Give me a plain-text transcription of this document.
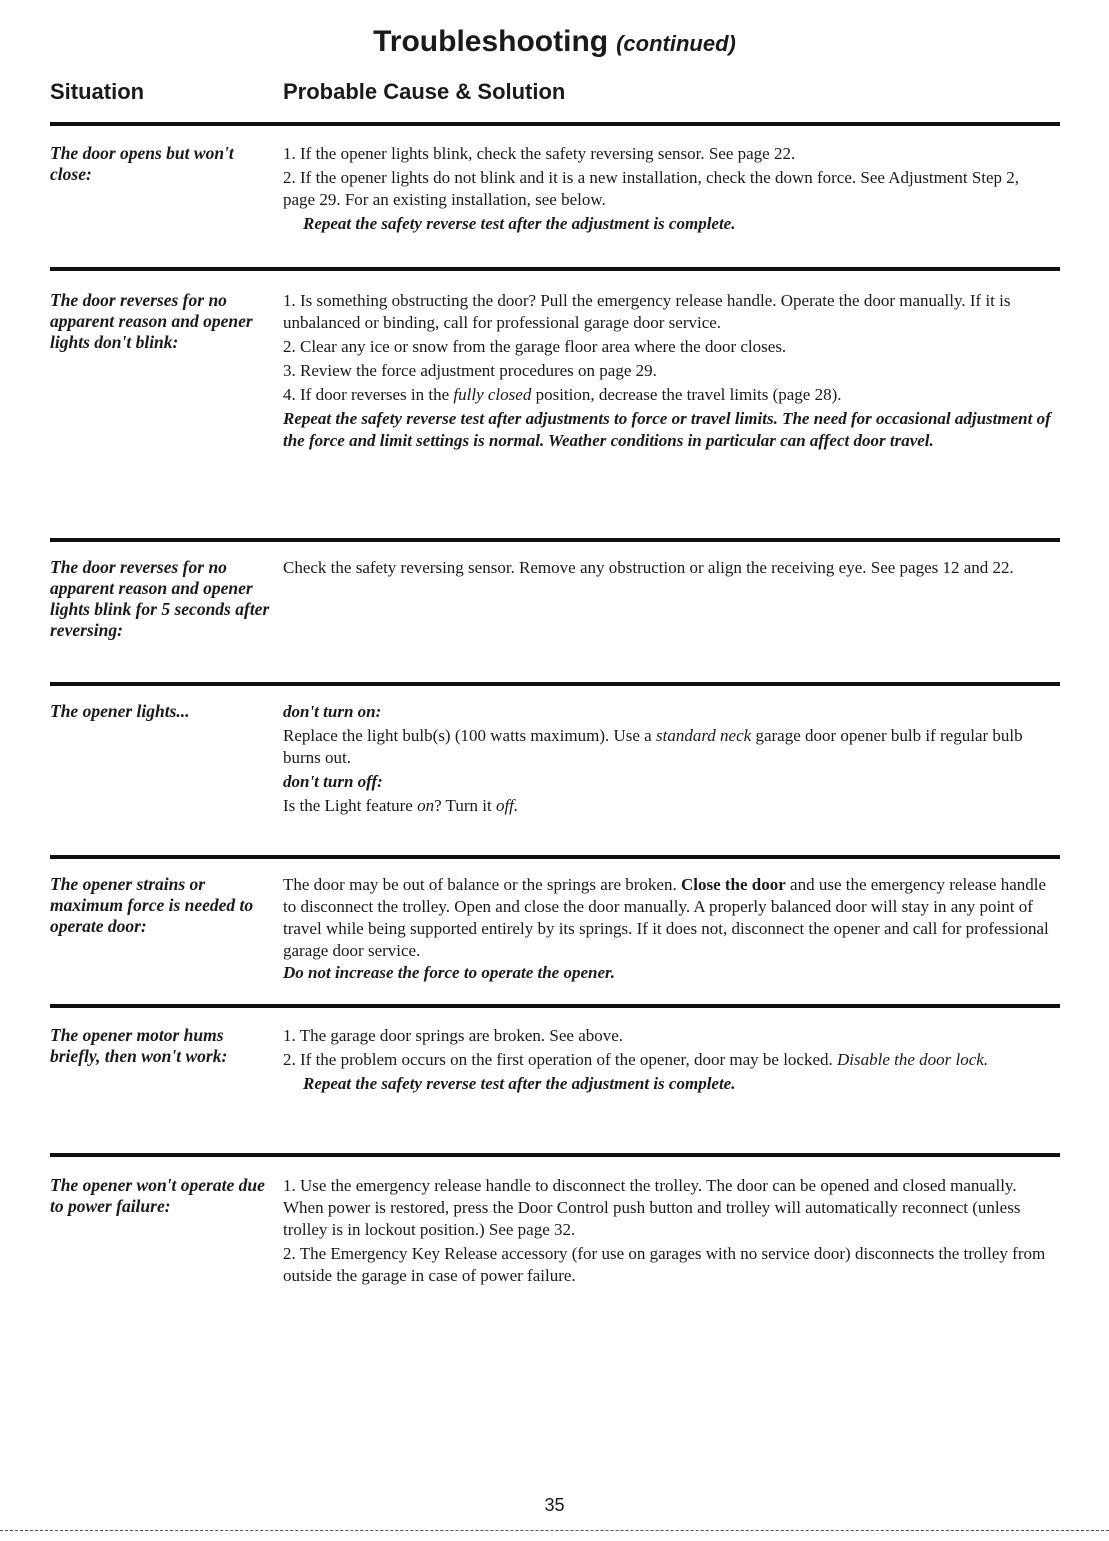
Troubleshooting (continued)
Situation	Probable Cause & Solution
The door opens but won't close:
1. If the opener lights blink, check the safety reversing sensor. See page 22.
2. If the opener lights do not blink and it is a new installation, check the down force. See Adjustment Step 2, page 29. For an existing installation, see below.
Repeat the safety reverse test after the adjustment is complete.
The door reverses for no apparent reason and opener lights don't blink:
1. Is something obstructing the door? Pull the emergency release handle. Operate the door manually. If it is unbalanced or binding, call for professional garage door service.
2. Clear any ice or snow from the garage floor area where the door closes.
3. Review the force adjustment procedures on page 29.
4. If door reverses in the fully closed position, decrease the travel limits (page 28).
Repeat the safety reverse test after adjustments to force or travel limits. The need for occasional adjustment of the force and limit settings is normal. Weather conditions in particular can affect door travel.
The door reverses for no apparent reason and opener lights blink for 5 seconds after reversing:
Check the safety reversing sensor. Remove any obstruction or align the receiving eye. See pages 12 and 22.
The opener lights...	don't turn on:
Replace the light bulb(s) (100 watts maximum). Use a standard neck garage door opener bulb if regular bulb burns out.
don't turn off:
Is the Light feature on? Turn it off.
The opener strains or maximum force is needed to operate door:
The door may be out of balance or the springs are broken. Close the door and use the emergency release handle to disconnect the trolley. Open and close the door manually. A properly balanced door will stay in any point of travel while being supported entirely by its springs. If it does not, disconnect the opener and call for professional garage door service.
Do not increase the force to operate the opener.
The opener motor hums briefly, then won't work:
1. The garage door springs are broken. See above.
2. If the problem occurs on the first operation of the opener, door may be locked. Disable the door lock.
Repeat the safety reverse test after the adjustment is complete.
The opener won't operate due to power failure:
1. Use the emergency release handle to disconnect the trolley. The door can be opened and closed manually. When power is restored, press the Door Control push button and trolley will automatically reconnect (unless trolley is in lockout position.) See page 32.
2. The Emergency Key Release accessory (for use on garages with no service door) disconnects the trolley from outside the garage in case of power failure.
35
